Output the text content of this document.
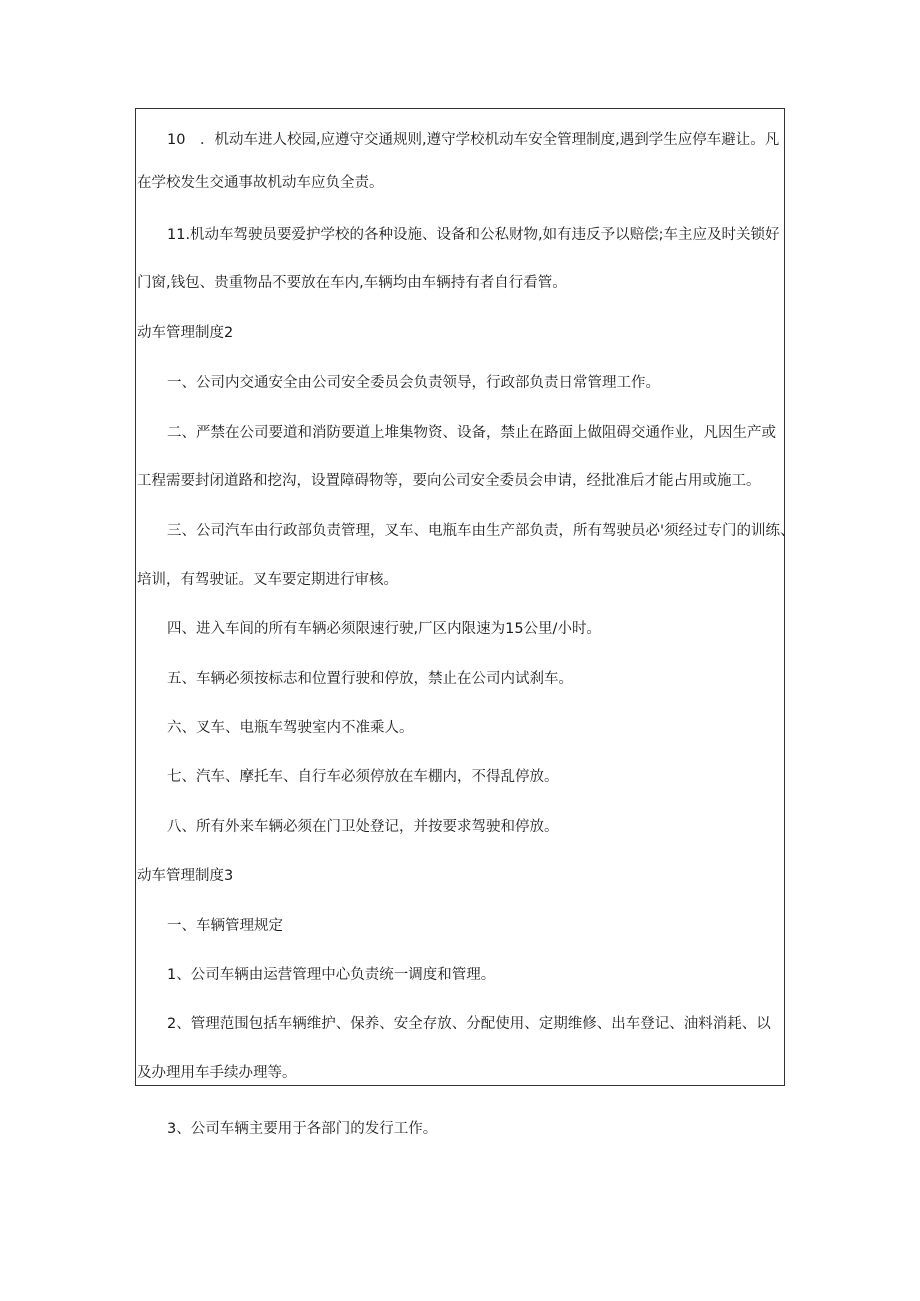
10　．机动车进人校园,应遵守交通规则,遵守学校机动车安全管理制度,遇到学生应停车避让。凡
在学校发生交通事故机动车应负全责。
11.机动车驾驶员要爱护学校的各种设施、设备和公私财物,如有违反予以赔偿;车主应及时关锁好
门窗,钱包、贵重物品不要放在车内,车辆均由车辆持有者自行看管。
动车管理制度2
一、公司内交通安全由公司安全委员会负责领导，行政部负责日常管理工作。
二、严禁在公司要道和消防要道上堆集物资、设备，禁止在路面上做阻碍交通作业，凡因生产或
工程需要封闭道路和挖沟，设置障碍物等，要向公司安全委员会申请，经批准后才能占用或施工。
三、公司汽车由行政部负责管理，叉车、电瓶车由生产部负责，所有驾驶员必'须经过专门的训练、
培训，有驾驶证。叉车要定期进行审核。
四、进入车间的所有车辆必须限速行驶,厂区内限速为15公里/小时。
五、车辆必须按标志和位置行驶和停放，禁止在公司内试刹车。
六、叉车、电瓶车驾驶室内不准乘人。
七、汽车、摩托车、自行车必须停放在车棚内，不得乱停放。
八、所有外来车辆必须在门卫处登记，并按要求驾驶和停放。
动车管理制度3
一、车辆管理规定
1、公司车辆由运营管理中心负责统一调度和管理。
2、管理范围包括车辆维护、保养、安全存放、分配使用、定期维修、出车登记、油料消耗、以
及办理用车手续办理等。
3、公司车辆主要用于各部门的发行工作。
